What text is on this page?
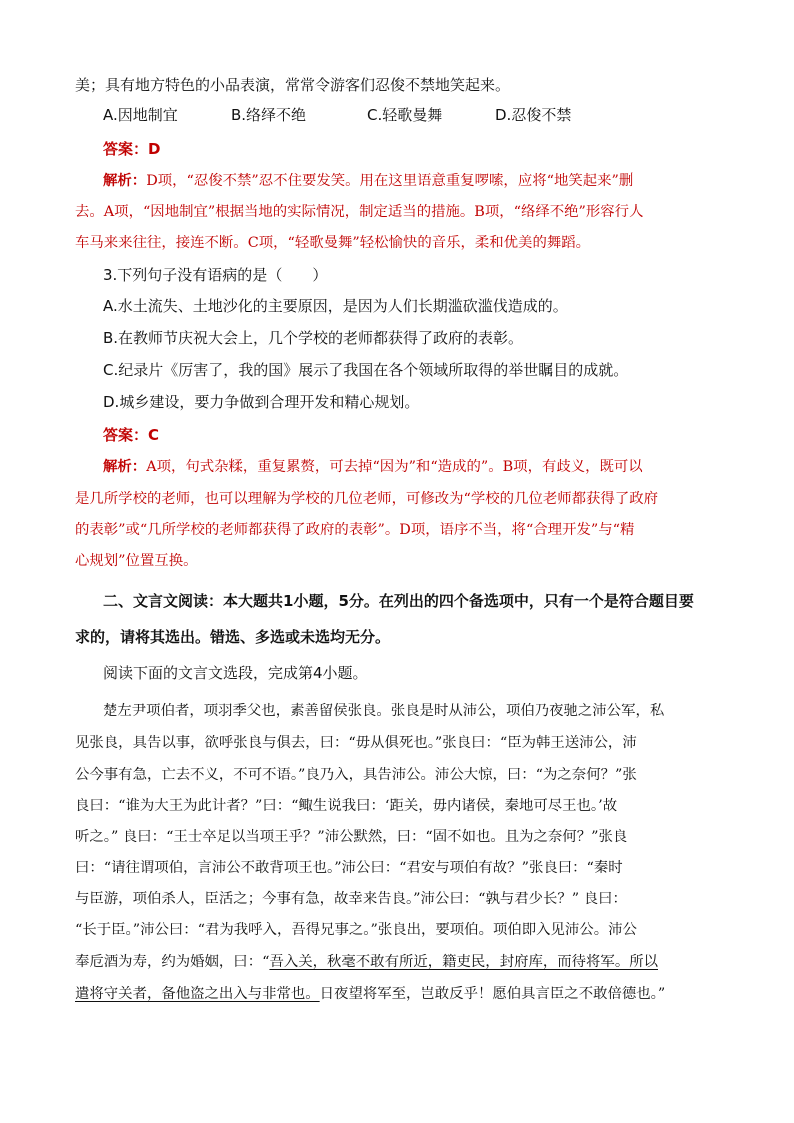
美；具有地方特色的小品表演，常常令游客们忍俊不禁地笑起来。
A.因地制宜	B.络绎不绝	C.轻歌曼舞	D.忍俊不禁
答案：D
解析：D项，“忍俊不禁”忍不住要发笑。用在这里语意重复啰嗦，应将“地笑起来”删
去。A项，“因地制宜”根据当地的实际情况，制定适当的措施。B项，“络绎不绝”形容行人
车马来来往往，接连不断。C项，“轻歌曼舞”轻松愉快的音乐，柔和优美的舞蹈。
3.下列句子没有语病的是（　　）
A.水土流失、土地沙化的主要原因，是因为人们长期滥砍滥伐造成的。
B.在教师节庆祝大会上，几个学校的老师都获得了政府的表彰。
C.纪录片《厉害了，我的国》展示了我国在各个领域所取得的举世瞩目的成就。
D.城乡建设，要力争做到合理开发和精心规划。
答案：C
解析：A项，句式杂糅，重复累赘，可去掉“因为”和“造成的”。B项，有歧义，既可以
是几所学校的老师，也可以理解为学校的几位老师，可修改为“学校的几位老师都获得了政府
的表彰”或“几所学校的老师都获得了政府的表彰”。D项，语序不当，将“合理开发”与“精
心规划”位置互换。
二、文言文阅读：本大题共1小题，5分。在列出的四个备选项中，只有一个是符合题目要
求的，请将其选出。错选、多选或未选均无分。
阅读下面的文言文选段，完成第4小题。
楚左尹项伯者，项羽季父也，素善留侯张良。张良是时从沛公，项伯乃夜驰之沛公军，私
见张良，具告以事，欲呼张良与俱去，曰：“毋从俱死也。”张良曰：“臣为韩王送沛公，沛
公今事有急，亡去不义，不可不语。”良乃入，具告沛公。沛公大惊，曰：“为之奈何？”张
良曰：“谁为大王为此计者？”曰：“鲰生说我曰：‘距关，毋内诸侯，秦地可尽王也。’故
听之。” 良曰：“王士卒足以当项王乎？”沛公默然，曰：“固不如也。且为之奈何？”张良
曰：“请往谓项伯，言沛公不敢背项王也。”沛公曰：“君安与项伯有故？”张良曰：“秦时
与臣游，项伯杀人，臣活之；今事有急，故幸来告良。”沛公曰：“孰与君少长？” 良曰：
“长于臣。”沛公曰：“君为我呼入，吾得兄事之。”张良出，要项伯。项伯即入见沛公。沛公
奉卮酒为寿，约为婚姻，曰：“吾入关，秋毫不敢有所近，籍吏民，封府库，而待将军。所以
遣将守关者，备他盗之出入与非常也。日夜望将军至，岂敢反乎！愿伯具言臣之不敢倍德也。”
